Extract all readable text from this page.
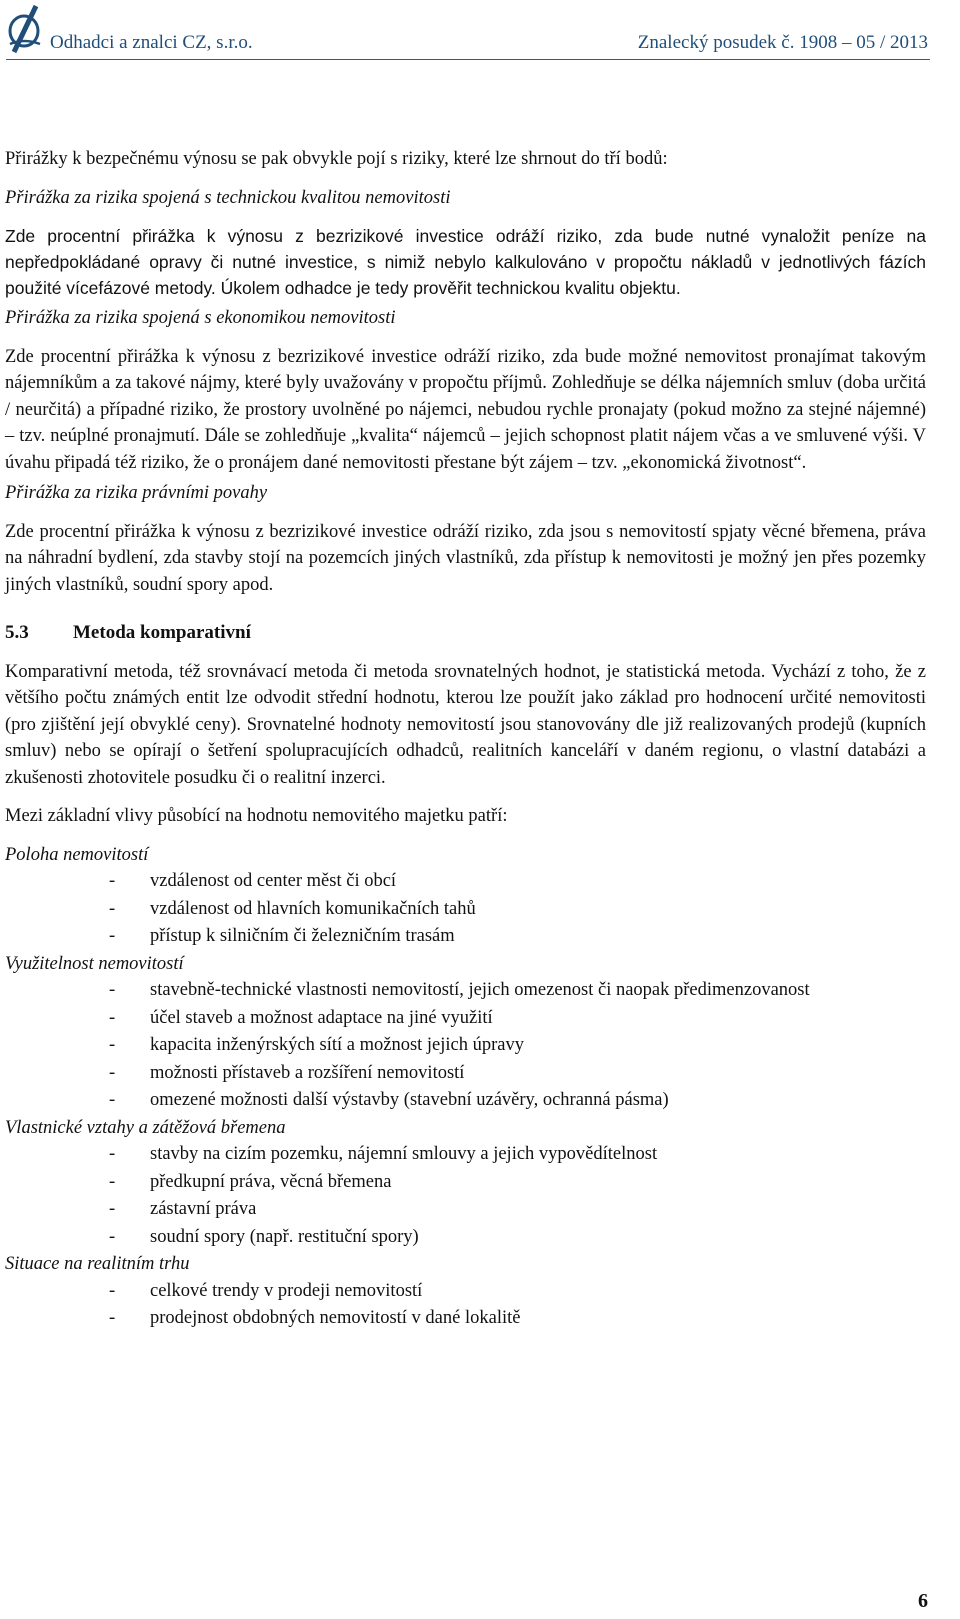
Odhadci a znalci CZ, s.r.o.	Znalecký posudek č. 1908 – 05 / 2013

Přirážky k bezpečnému výnosu se pak obvykle pojí s riziky, které lze shrnout do tří bodů:

Přirážka za rizika spojená s technickou kvalitou nemovitosti

Zde procentní přirážka k výnosu z bezrizikové investice odráží riziko, zda bude nutné vynaložit peníze na nepředpokládané opravy či nutné investice, s nimiž nebylo kalkulováno v propočtu nákladů v jednotlivých fázích použité vícefázové metody. Úkolem odhadce je tedy prověřit technickou kvalitu objektu.

Přirážka za rizika spojená s ekonomikou nemovitosti

Zde procentní přirážka k výnosu z bezrizikové investice odráží riziko, zda bude možné nemovitost pronajímat takovým nájemníkům a za takové nájmy, které byly uvažovány v propočtu příjmů. Zohledňuje se délka nájemních smluv (doba určitá / neurčitá) a případné riziko, že prostory uvolněné po nájemci, nebudou rychle pronajaty (pokud možno za stejné nájemné) – tzv. neúplné pronajmutí. Dále se zohledňuje „kvalita“ nájemců – jejich schopnost platit nájem včas a ve smluvené výši. V úvahu připadá též riziko, že o pronájem dané nemovitosti přestane být zájem – tzv. „ekonomická životnost“.

Přirážka za rizika právními povahy

Zde procentní přirážka k výnosu z bezrizikové investice odráží riziko, zda jsou s nemovitostí spjaty věcné břemena, práva na náhradní bydlení, zda stavby stojí na pozemcích jiných vlastníků, zda přístup k nemovitosti je možný jen přes pozemky jiných vlastníků, soudní spory apod.

5.3 Metoda komparativní

Komparativní metoda, též srovnávací metoda či metoda srovnatelných hodnot, je statistická metoda. Vychází z toho, že z většího počtu známých entit lze odvodit střední hodnotu, kterou lze použít jako základ pro hodnocení určité nemovitosti (pro zjištění její obvyklé ceny). Srovnatelné hodnoty nemovitostí jsou stanovovány dle již realizovaných prodejů (kupních smluv) nebo se opírají o šetření spolupracujících odhadců, realitních kanceláří v daném regionu, o vlastní databázi a zkušenosti zhotovitele posudku či o realitní inzerci.

Mezi základní vlivy působící na hodnotu nemovitého majetku patří:

Poloha nemovitostí

- vzdálenost od center měst či obcí
- vzdálenost od hlavních komunikačních tahů
- přístup k silničním či železničním trasám

Využitelnost nemovitostí

- stavebně-technické vlastnosti nemovitostí, jejich omezenost či naopak předimenzovanost
- účel staveb a možnost adaptace na jiné využití
- kapacita inženýrských sítí a možnost jejich úpravy
- možnosti přístaveb a rozšíření nemovitostí
- omezené možnosti další výstavby (stavební uzávěry, ochranná pásma)

Vlastnické vztahy a zátěžová břemena

- stavby na cizím pozemku, nájemní smlouvy a jejich vypovědítelnost
- předkupní práva, věcná břemena
- zástavní práva
- soudní spory (např. restituční spory)

Situace na realitním trhu

- celkové trendy v prodeji nemovitostí
- prodejnost obdobných nemovitostí v dané lokalitě
6
